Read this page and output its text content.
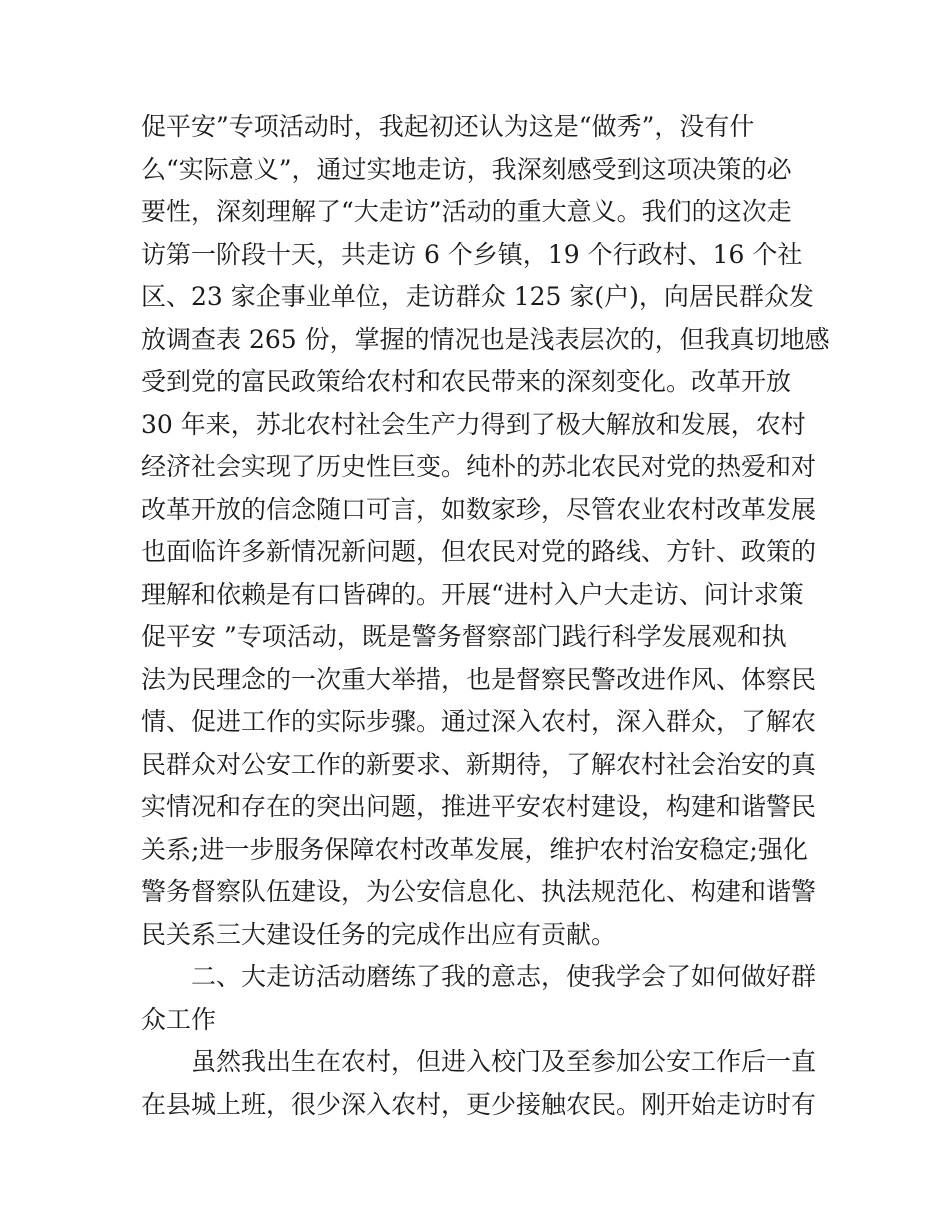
促平安”专项活动时，我起初还认为这是“做秀”，没有什
么“实际意义”，通过实地走访，我深刻感受到这项决策的必
要性，深刻理解了“大走访”活动的重大意义。我们的这次走
访第一阶段十天，共走访 6 个乡镇，19 个行政村、16 个社
区、23 家企事业单位，走访群众 125 家(户)，向居民群众发
放调查表 265 份，掌握的情况也是浅表层次的，但我真切地感
受到党的富民政策给农村和农民带来的深刻变化。改革开放
30 年来，苏北农村社会生产力得到了极大解放和发展，农村
经济社会实现了历史性巨变。纯朴的苏北农民对党的热爱和对
改革开放的信念随口可言，如数家珍，尽管农业农村改革发展
也面临许多新情况新问题，但农民对党的路线、方针、政策的
理解和依赖是有口皆碑的。开展“进村入户大走访、问计求策
促平安 ”专项活动，既是警务督察部门践行科学发展观和执
法为民理念的一次重大举措，也是督察民警改进作风、体察民
情、促进工作的实际步骤。通过深入农村，深入群众，了解农
民群众对公安工作的新要求、新期待，了解农村社会治安的真
实情况和存在的突出问题，推进平安农村建设，构建和谐警民
关系;进一步服务保障农村改革发展，维护农村治安稳定;强化
警务督察队伍建设，为公安信息化、执法规范化、构建和谐警
民关系三大建设任务的完成作出应有贡献。
二、大走访活动磨练了我的意志，使我学会了如何做好群
众工作
虽然我出生在农村，但进入校门及至参加公安工作后一直
在县城上班，很少深入农村，更少接触农民。刚开始走访时有
